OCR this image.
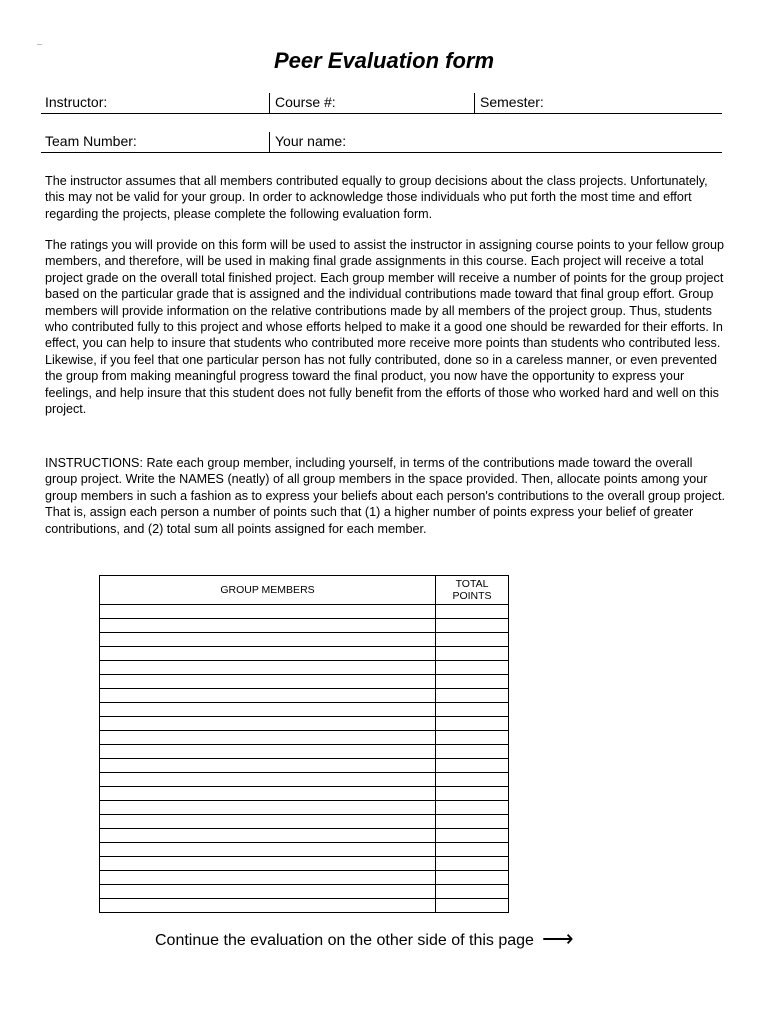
Peer Evaluation form
Instructor:	Course #:	Semester:
Team Number:	Your name:

The instructor assumes that all members contributed equally to group decisions about the class projects. Unfortunately, this may not be valid for your group. In order to acknowledge those individuals who put forth the most time and effort regarding the projects, please complete the following evaluation form.

The ratings you will provide on this form will be used to assist the instructor in assigning course points to your fellow group members, and therefore, will be used in making final grade assignments in this course. Each project will receive a total project grade on the overall total finished project. Each group member will receive a number of points for the group project based on the particular grade that is assigned and the individual contributions made toward that final group effort. Group members will provide information on the relative contributions made by all members of the project group. Thus, students who contributed fully to this project and whose efforts helped to make it a good one should be rewarded for their efforts. In effect, you can help to insure that students who contributed more receive more points than students who contributed less. Likewise, if you feel that one particular person has not fully contributed, done so in a careless manner, or even prevented the group from making meaningful progress toward the final product, you now have the opportunity to express your feelings, and help insure that this student does not fully benefit from the efforts of those who worked hard and well on this project.

INSTRUCTIONS: Rate each group member, including yourself, in terms of the contributions made toward the overall group project. Write the NAMES (neatly) of all group members in the space provided. Then, allocate points among your group members in such a fashion as to express your beliefs about each person's contributions to the overall group project. That is, assign each person a number of points such that (1) a higher number of points express your belief of greater contributions, and (2) total sum all points assigned for each member.

GROUP MEMBERS	TOTAL
POINTS

Continue the evaluation on the other side of this page ⟶
